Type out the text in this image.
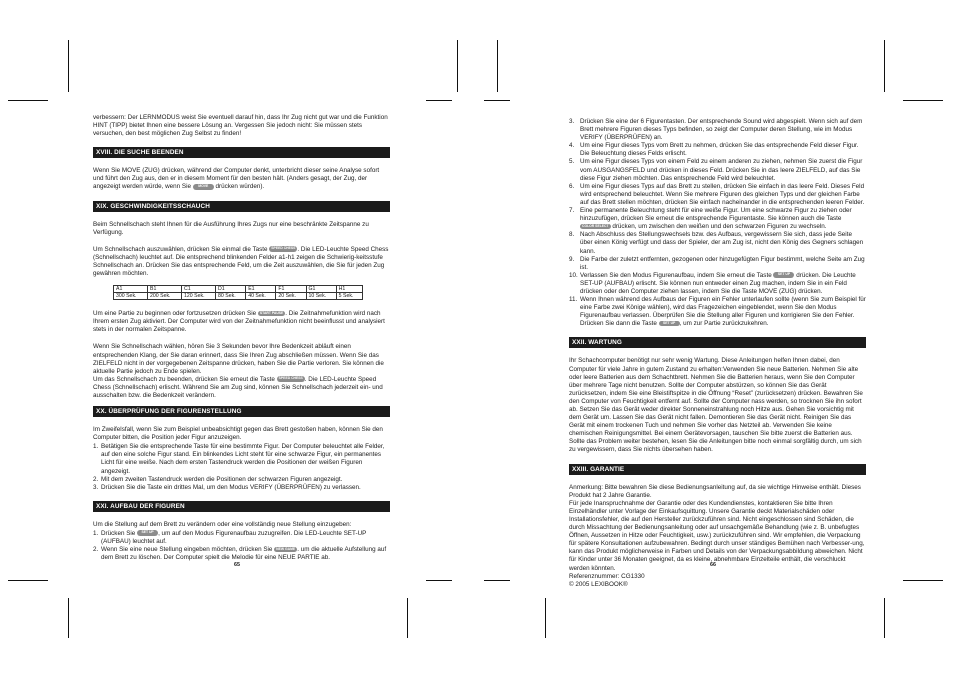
verbessern: Der LERNMODUS weist Sie eventuell darauf hin, dass Ihr Zug nicht gut war und die Funktion HINT (TIPP) bietet Ihnen eine bessere Lösung an. Vergessen Sie jedoch nicht: Sie müssen stets versuchen, den best möglichen Zug Selbst zu finden!

XVIII. DIE SUCHE BEENDEN

Wenn Sie MOVE (ZUG) drücken, während der Computer denkt, unterbricht dieser seine Analyse sofort und führt den Zug aus, den er in diesem Moment für den besten hält. (Anders gesagt, der Zug, der angezeigt werden würde, wenn Sie MOVE drücken würden).

XIX. GESCHWINDIGKEITSSCHAUCH

Beim Schnellschach steht Ihnen für die Ausführung Ihres Zugs nur eine beschränkte Zeitspanne zu Verfügung.

Um Schnellschach auszuwählen, drücken Sie einmal die Taste SPEED CHESS . Die LED-Leuchte Speed Chess (Schnellschach) leuchtet auf. Die entsprechend blinkenden Felder a1-h1 zeigen die Schwierig-keitsstufe Schnellschach an. Drücken Sie das entsprechende Feld, um die Zeit auszuwählen, die Sie für jeden Zug gewähren möchten.

A1	B1	C1	D1	E1	F1	G1	H1
300 Sek.	200 Sek.	120 Sek.	80 Sek.	40 Sek.	20 Sek.	10 Sek.	5 Sek.

Um eine Partie zu beginnen oder fortzusetzen drücken Sie START PAUSE . Die Zeitnahmefunktion wird nach Ihrem ersten Zug aktiviert. Der Computer wird von der Zeitnahmefunktion nicht beeinflusst und analysiert stets in der normalen Zeitspanne.

Wenn Sie Schnellschach wählen, hören Sie 3 Sekunden bevor Ihre Bedenkzeit abläuft einen entsprechenden Klang, der Sie daran erinnert, dass Sie Ihren Zug abschließen müssen. Wenn Sie das ZIELFELD nicht in der vorgegebenen Zeitspanne drücken, haben Sie die Partie verloren. Sie können die aktuelle Partie jedoch zu Ende spielen.

Um das Schnellschach zu beenden, drücken Sie erneut die Taste SPEED CHESS . Die LED-Leuchte Speed Chess (Schnellschach) erlischt. Während Sie am Zug sind, können Sie Schnellschach jederzeit ein- und ausschalten bzw. die Bedenkzeit verändern.

XX. ÜBERPRÜFUNG DER FIGURENSTELLUNG

Im Zweifelsfall, wenn Sie zum Beispiel unbeabsichtigt gegen das Brett gestoßen haben, können Sie den Computer bitten, die Position jeder Figur anzuzeigen.

1. Betätigen Sie die entsprechende Taste für eine bestimmte Figur. Der Computer beleuchtet alle Felder, auf den eine solche Figur stand. Ein blinkendes Licht steht für eine schwarze Figur, ein permanentes Licht für eine weiße. Nach dem ersten Tastendruck werden die Positionen der weißen Figuren angezeigt.
2. Mit dem zweiten Tastendruck werden die Positionen der schwarzen Figuren angezeigt.
3. Drücken Sie die Taste ein drittes Mal, um den Modus VERIFY (ÜBERPRÜFEN) zu verlassen.
XXI. AUFBAU DER FIGUREN

Um die Stellung auf dem Brett zu verändern oder eine vollständig neue Stellung einzugeben:

1. Drücken Sie SET UP , um auf den Modus Figurenaufbau zuzugreifen. Die LED-Leuchte SET-UP (AUFBAU) leuchtet auf.
2. Wenn Sie eine neue Stellung eingeben möchten, drücken Sie NEW GAME . um die aktuelle Aufstellung auf dem Brett zu löschen. Der Computer spielt die Melodie für eine NEUE PARTIE ab.
65
3. Drücken Sie eine der 6 Figurentasten. Der entsprechende Sound wird abgespielt. Wenn sich auf dem Brett mehrere Figuren dieses Typs befinden, so zeigt der Computer deren Stellung, wie im Modus VERIFY (ÜBERPRÜFEN) an.
4. Um eine Figur dieses Typs vom Brett zu nehmen, drücken Sie das entsprechende Feld dieser Figur. Die Beleuchtung dieses Felds erlischt.
5. Um eine Figur dieses Typs von einem Feld zu einem anderen zu ziehen, nehmen Sie zuerst die Figur vom AUSGANGSFELD und drücken in dieses Feld. Drücken Sie in das leere ZIELFELD, auf das Sie diese Figur ziehen möchten. Das entsprechende Feld wird beleuchtet.
6. Um eine Figur dieses Typs auf das Brett zu stellen, drücken Sie einfach in das leere Feld. Dieses Feld wird entsprechend beleuchtet. Wenn Sie mehrere Figuren des gleichen Typs und der gleichen Farbe auf das Brett stellen möchten, drücken Sie einfach nacheinander in die entsprechenden leeren Felder.
7. Eine permanente Beleuchtung steht für eine weiße Figur. Um eine schwarze Figur zu ziehen oder hinzuzufügen, drücken Sie erneut die entsprechende Figurentaste. Sie können auch die Taste COLOR SELECT drücken, um zwischen den weißen und den schwarzen Figuren zu wechseln.
8. Nach Abschluss des Stellungswechsels bzw. des Aufbaus, vergewissern Sie sich, dass jede Seite über einen König verfügt und dass der Spieler, der am Zug ist, nicht den König des Gegners schlagen kann.
9. Die Farbe der zuletzt entfernten, gezogenen oder hinzugefügten Figur bestimmt, welche Seite am Zug ist.
10. Verlassen Sie den Modus Figurenaufbau, indem Sie erneut die Taste SET UP drücken. Die Leuchte SET-UP (AUFBAU) erlischt. Sie können nun entweder einen Zug machen, indem Sie in ein Feld drücken oder den Computer ziehen lassen, indem Sie die Taste MOVE (ZUG) drücken.
11. Wenn Ihnen während des Aufbaus der Figuren ein Fehler unterlaufen sollte (wenn Sie zum Beispiel für eine Farbe zwei Könige wählen), wird das Fragezeichen eingeblendet, wenn Sie den Modus Figurenaufbau verlassen. Überprüfen Sie die Stellung aller Figuren und korrigieren Sie den Fehler. Drücken Sie dann die Taste SET UP , um zur Partie zurückzukehren.
XXII. WARTUNG

Ihr Schachcomputer benötigt nur sehr wenig Wartung. Diese Anleitungen helfen Ihnen dabei, den Computer für viele Jahre in gutem Zustand zu erhalten:Verwenden Sie neue Batterien. Nehmen Sie alte oder leere Batterien aus dem Schachtbrett. Nehmen Sie die Batterien heraus, wenn Sie den Computer über mehrere Tage nicht benutzen. Sollte der Computer abstürzen, so können Sie das Gerät zurücksetzen, indem Sie eine Bleistiftspitze in die Öffnung “Reset” (zurücksetzen) drücken. Bewahren Sie den Computer von Feuchtigkeit entfernt auf. Sollte der Computer nass werden, so trocknen Sie ihn sofort ab. Setzen Sie das Gerät weder direkter Sonneneinstrahlung noch Hitze aus. Gehen Sie vorsichtig mit dem Gerät um. Lassen Sie das Gerät nicht fallen. Demontieren Sie das Gerät nicht. Reinigen Sie das Gerät mit einem trockenen Tuch und nehmen Sie vorher das Netzteil ab. Verwenden Sie keine chemischen Reinigungsmittel. Bei einem Gerätevorsagen, tauschen Sie bitte zuerst die Batterien aus. Sollte das Problem weiter bestehen, lesen Sie die Anleitungen bitte noch einmal sorgfältig durch, um sich zu vergewissern, dass Sie nichts übersehen haben.

XXIII. GARANTIE
Anmerkung: Bitte bewahren Sie diese Bedienungsanleitung auf, da sie wichtige Hinweise enthält. Dieses Produkt hat 2 Jahre Garantie.
Für jede Inanspruchnahme der Garantie oder des Kundendienstes, kontaktieren Sie bitte Ihren Einzelhändler unter Vorlage der Einkaufsquittung. Unsere Garantie deckt Materialschäden oder Installationsfehler, die auf den Hersteller zurückzuführen sind. Nicht eingeschlossen sind Schäden, die durch Missachtung der Bedienungsanleitung oder auf unsachgemäße Behandlung (wie z. B. unbefugtes Öffnen, Aussetzen in Hitze oder Feuchtigkeit, usw.) zurückzuführen sind. Wir empfehlen, die Verpackung für spätere Konsultationen aufzubewahren. Bedingt durch unser ständiges Bemühen nach Verbesser-ung, kann das Produkt möglicherweise in Farben und Details von der Verpackungsabbildung abweichen. Nicht für Kinder unter 36 Monaten geeignet, da es kleine, abnehmbare Einzelteile enthält, die verschluckt werden könnten.
Referenznummer: CG1330
© 2005 LEXIBOOK®
66
